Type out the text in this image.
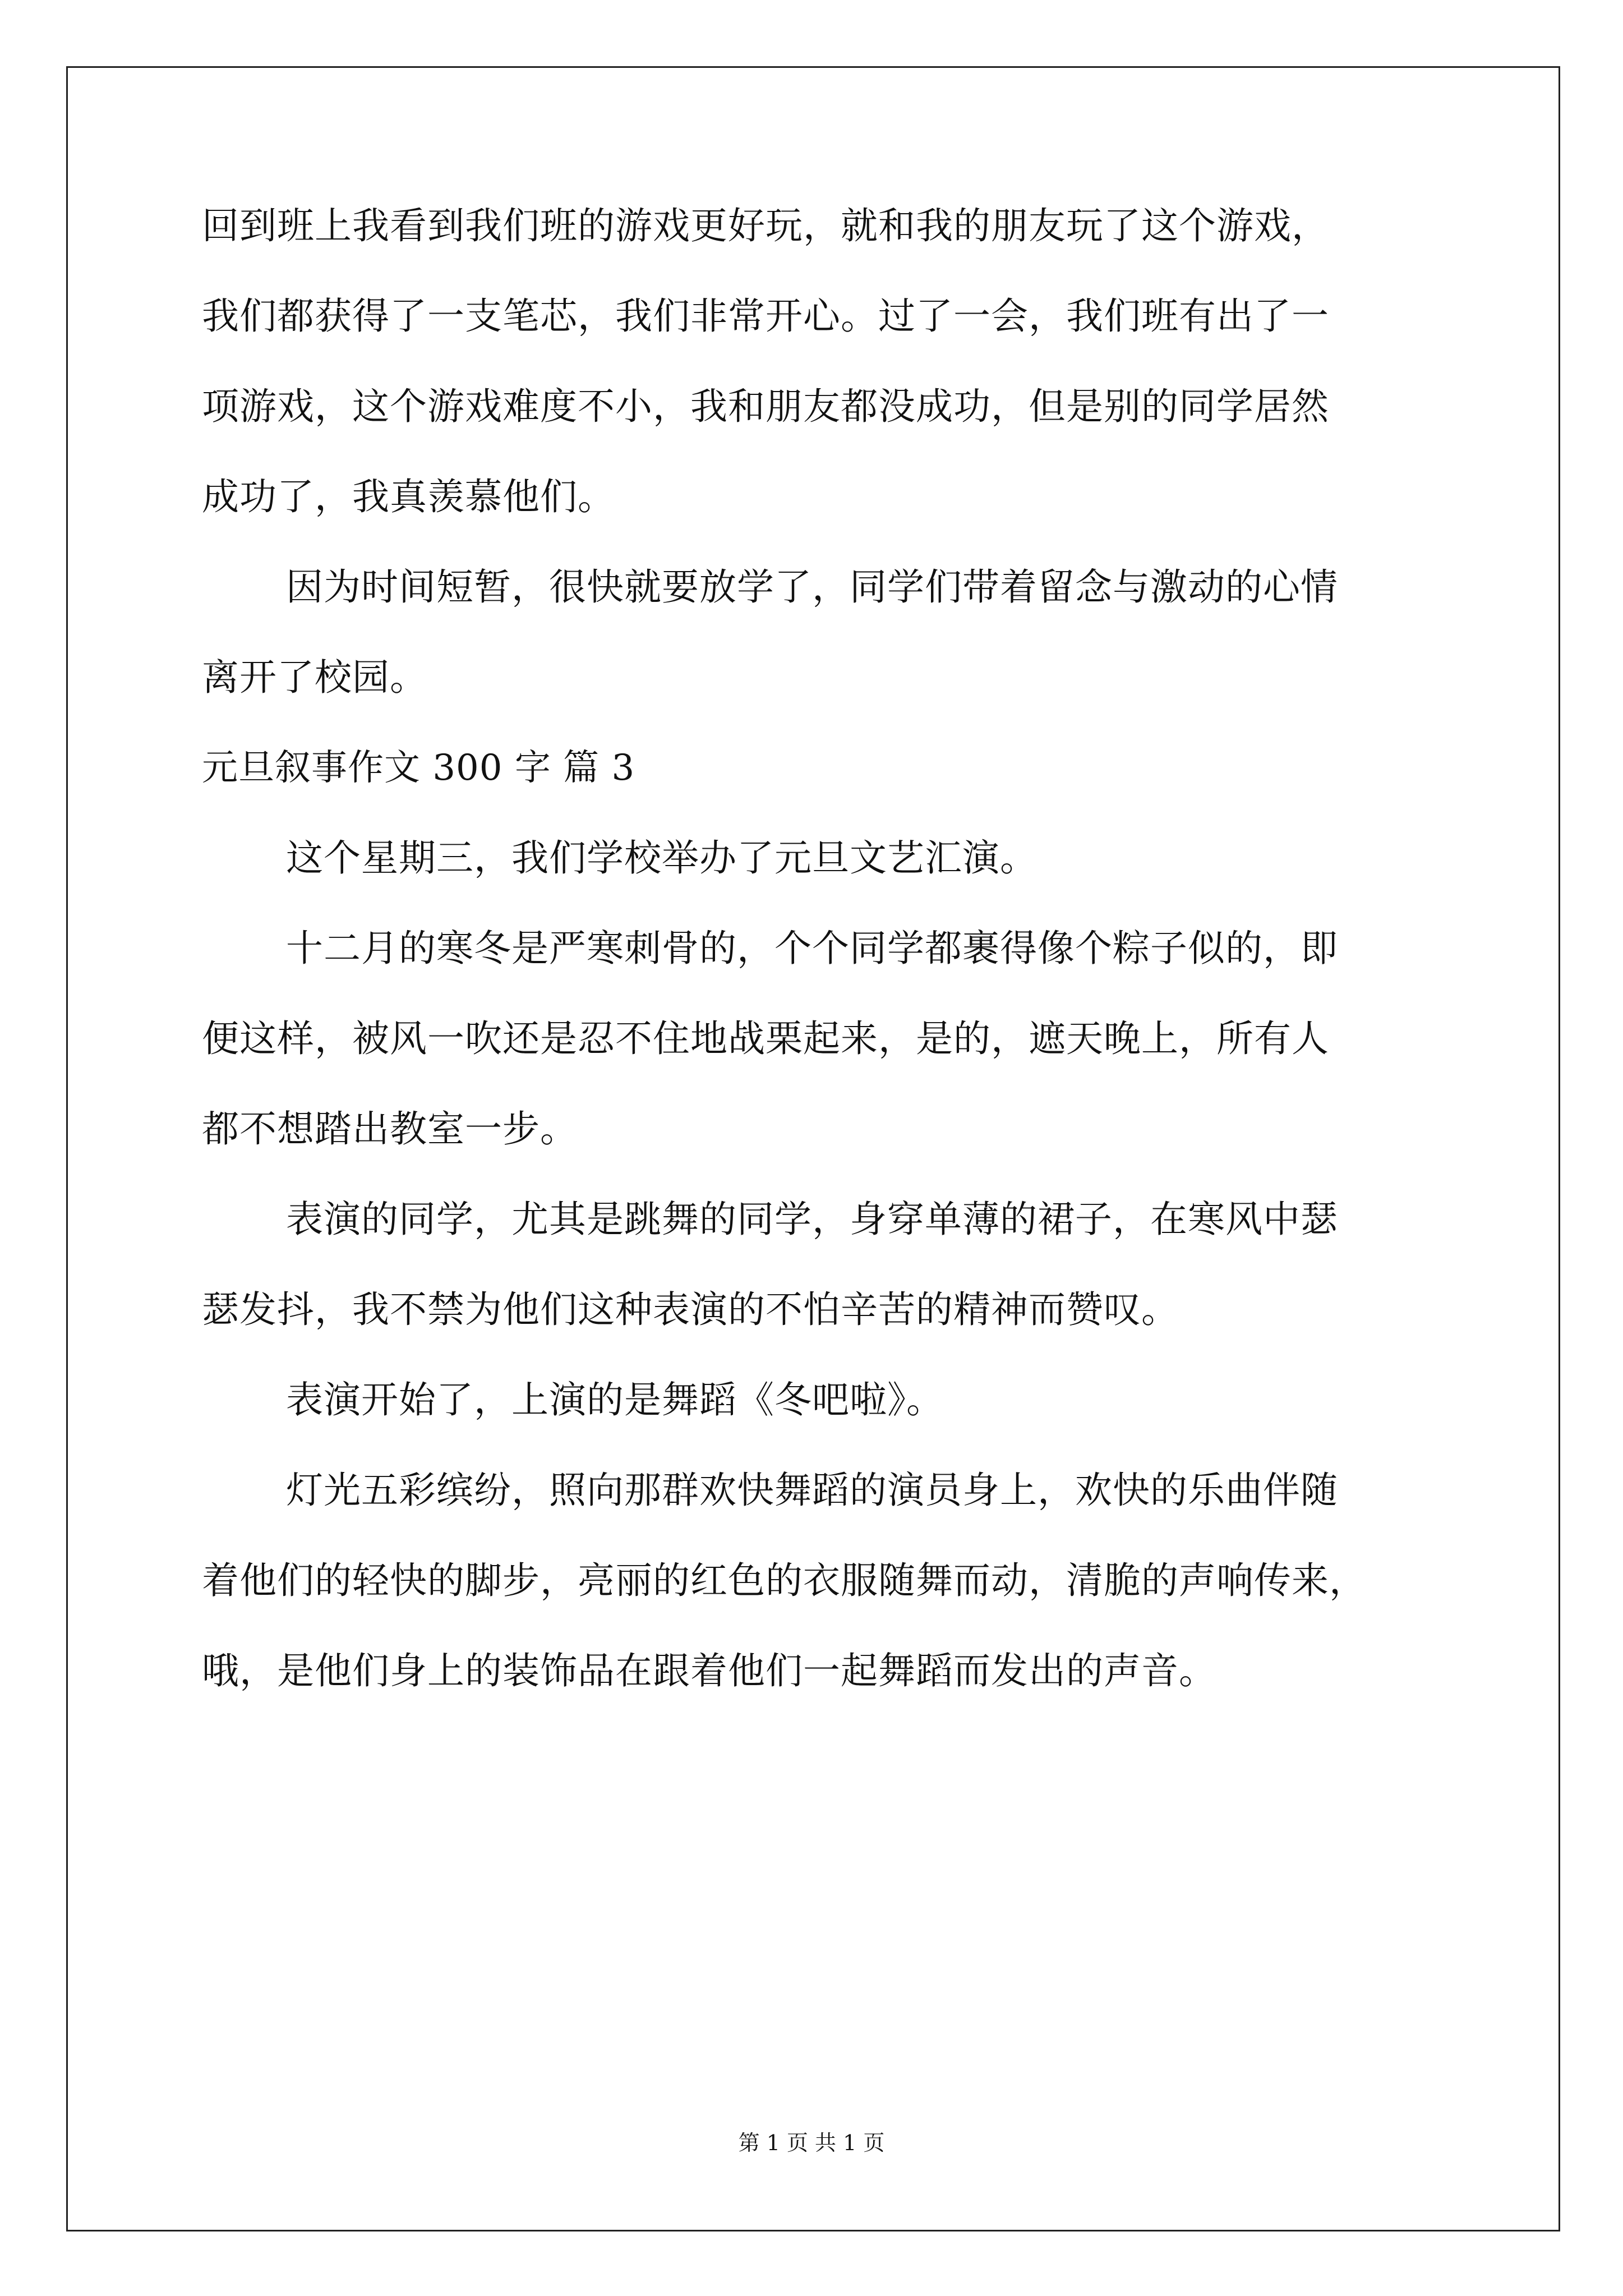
回到班上我看到我们班的游戏更好玩，就和我的朋友玩了这个游戏，
我们都获得了一支笔芯，我们非常开心。过了一会，我们班有出了一
项游戏，这个游戏难度不小，我和朋友都没成功，但是别的同学居然
成功了，我真羡慕他们。
因为时间短暂，很快就要放学了，同学们带着留念与激动的心情
离开了校园。
元旦叙事作文 300 字 篇 3
这个星期三，我们学校举办了元旦文艺汇演。
十二月的寒冬是严寒刺骨的，个个同学都裹得像个粽子似的，即
便这样，被风一吹还是忍不住地战栗起来，是的，遮天晚上，所有人
都不想踏出教室一步。
表演的同学，尤其是跳舞的同学，身穿单薄的裙子，在寒风中瑟
瑟发抖，我不禁为他们这种表演的不怕辛苦的精神而赞叹。
表演开始了，上演的是舞蹈《冬吧啦》。
灯光五彩缤纷，照向那群欢快舞蹈的演员身上，欢快的乐曲伴随
着他们的轻快的脚步，亮丽的红色的衣服随舞而动，清脆的声响传来，
哦，是他们身上的装饰品在跟着他们一起舞蹈而发出的声音。
第 1 页 共 1 页
